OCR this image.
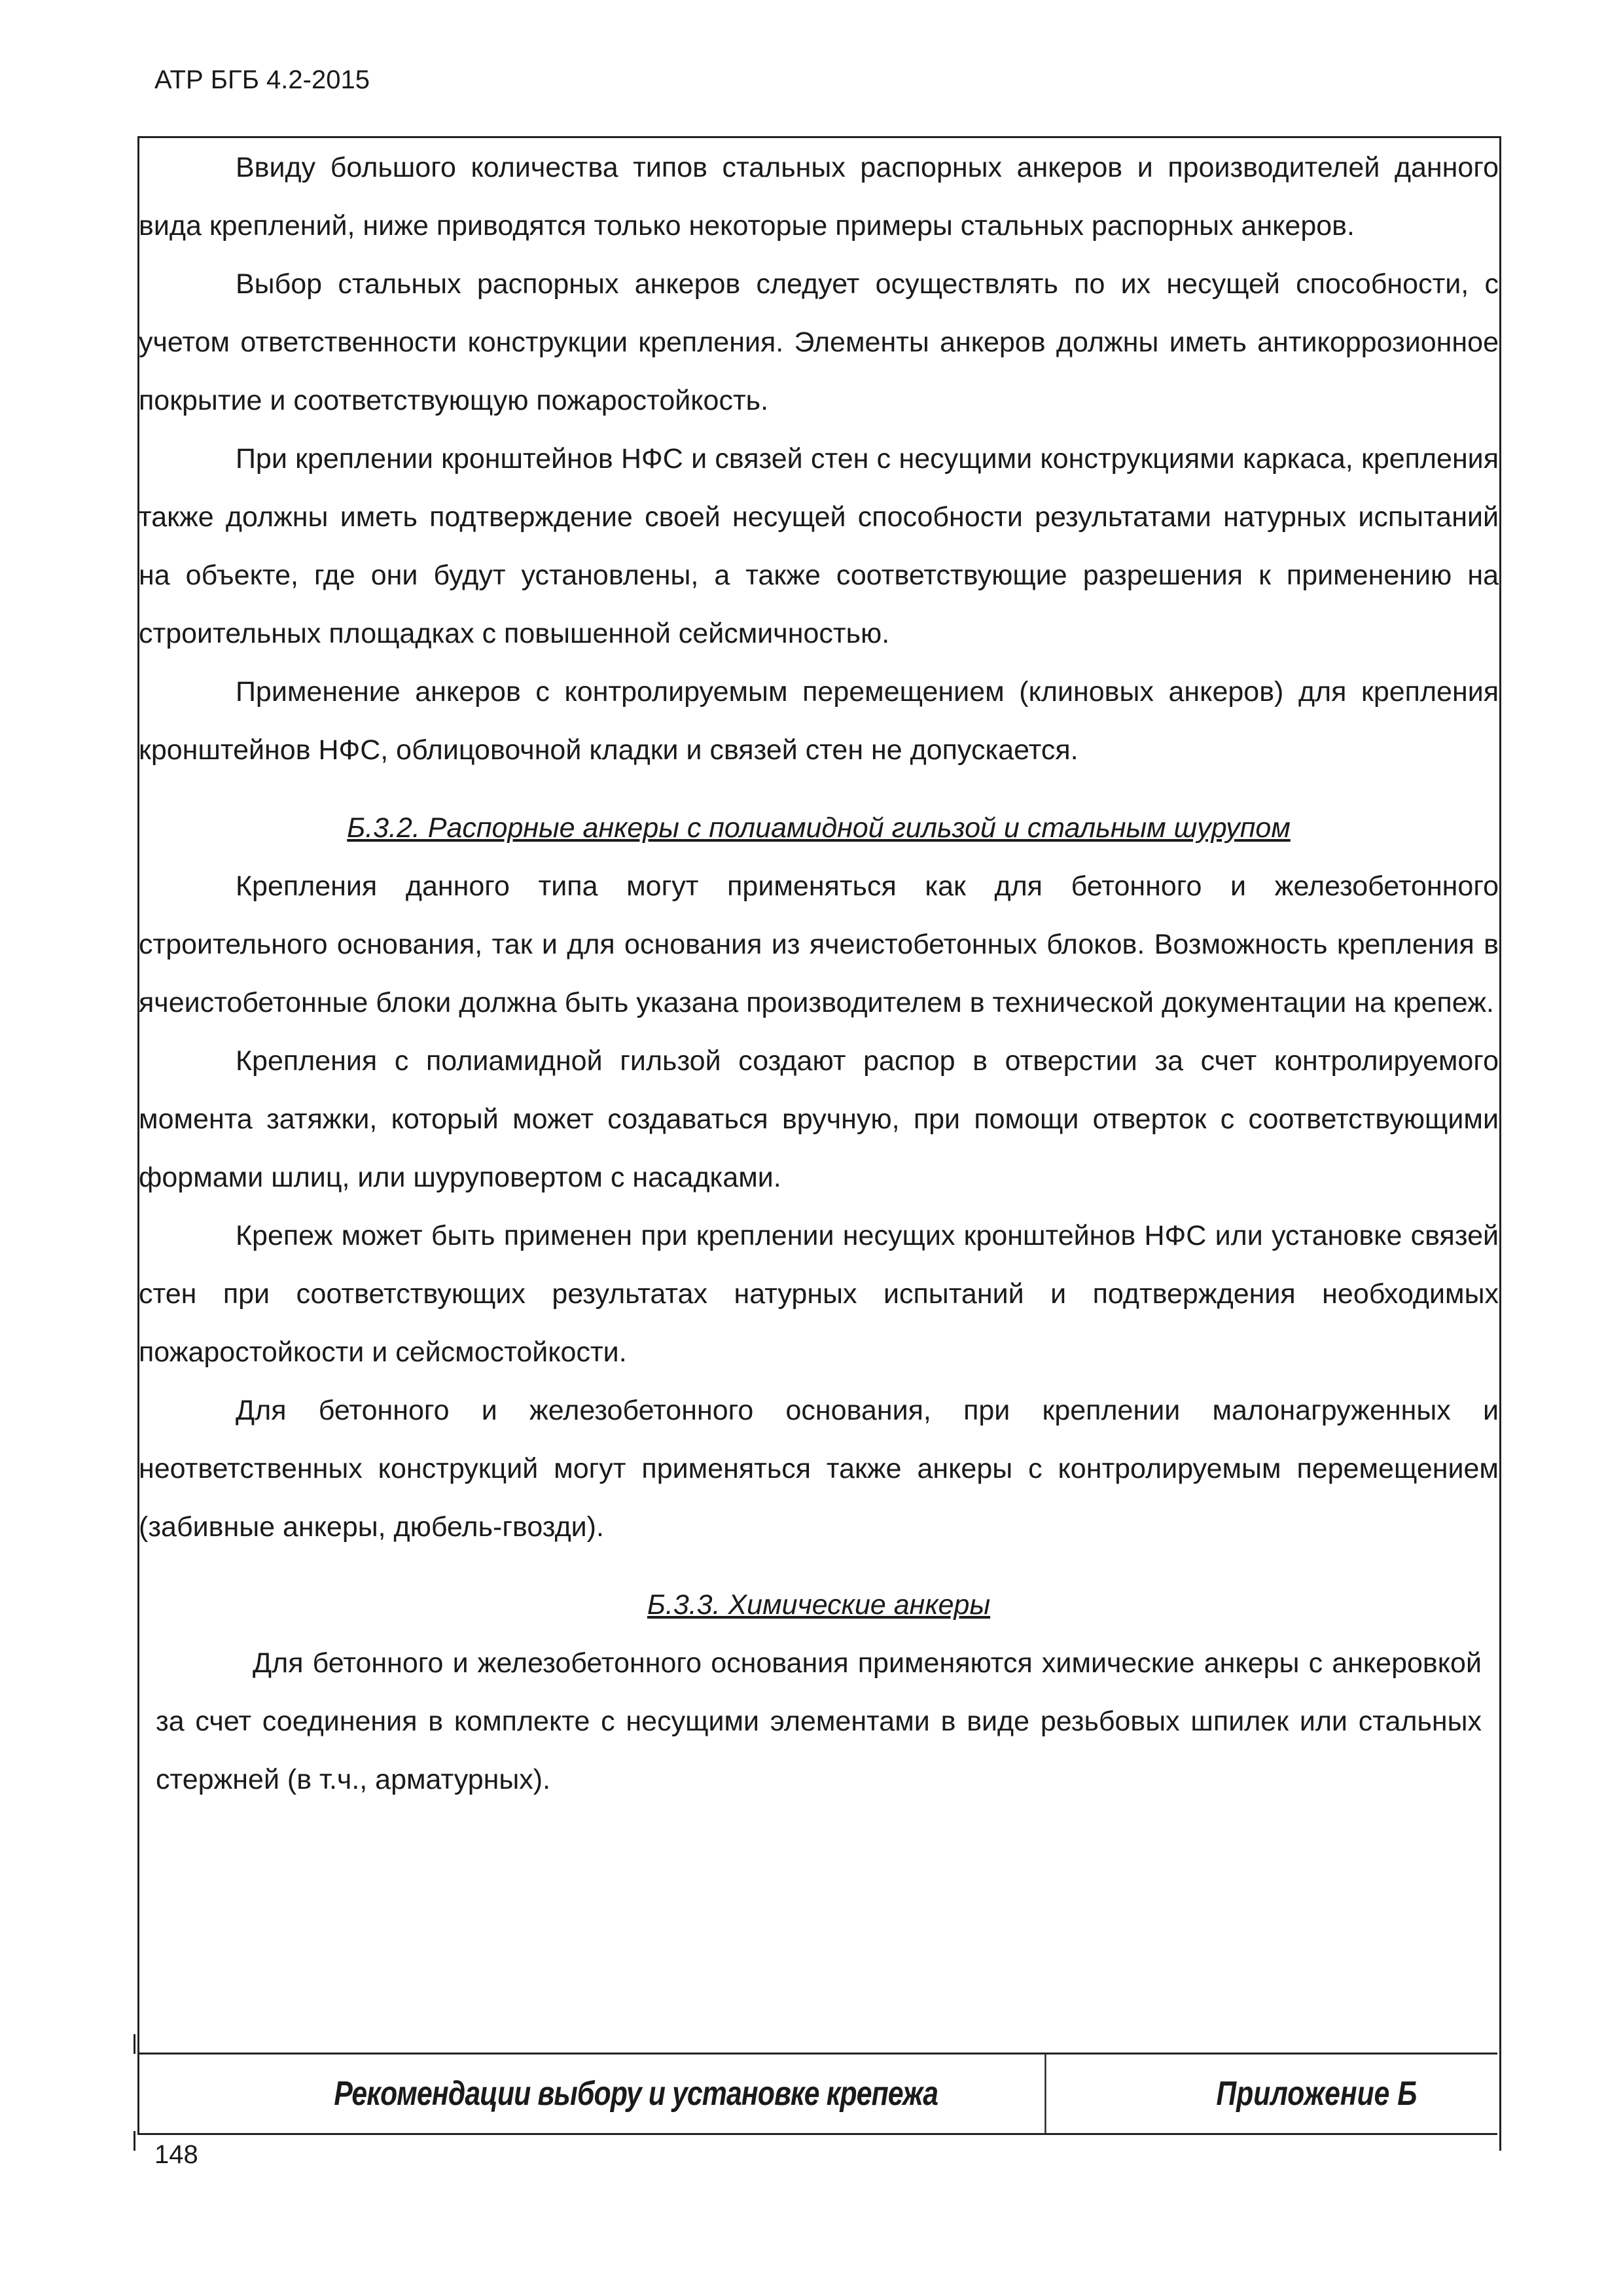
АТР БГБ 4.2-2015

Ввиду большого количества типов стальных распорных анкеров и производителей данного вида креплений, ниже приводятся только некоторые примеры стальных распорных анкеров.

Выбор стальных распорных анкеров следует осуществлять по их несущей способности, с учетом ответственности конструкции крепления. Элементы анкеров должны иметь антикоррозионное покрытие и соответствующую пожаростойкость.

При креплении кронштейнов НФС и связей стен с несущими конструкциями каркаса, крепления также должны иметь подтверждение своей несущей способности результатами натурных испытаний на объекте, где они будут установлены, а также соответствующие разрешения к применению на строительных площадках с повышенной сейсмичностью.

Применение анкеров с контролируемым перемещением (клиновых анкеров) для крепления кронштейнов НФС, облицовочной кладки и связей стен не допускается.

Б.3.2. Распорные анкеры с полиамидной гильзой и стальным шурупом

Крепления данного типа могут применяться как для бетонного и железобетонного строительного основания, так и для основания из ячеистобетонных блоков. Возможность крепления в ячеистобетонные блоки должна быть указана производителем в технической документации на крепеж.

Крепления с полиамидной гильзой создают распор в отверстии за счет контролируемого момента затяжки, который может создаваться вручную, при помощи отверток с соответствующими формами шлиц, или шуруповертом с насадками.

Крепеж может быть применен при креплении несущих кронштейнов НФС или установке связей стен при соответствующих результатах натурных испытаний и подтверждения необходимых пожаростойкости и сейсмостойкости.

Для бетонного и железобетонного основания, при креплении малонагруженных и неответственных конструкций могут применяться также анкеры с контролируемым перемещением (забивные анкеры, дюбель-гвозди).

Б.3.3. Химические анкеры

Для бетонного и железобетонного основания применяются химические анкеры с анкеровкой за счет соединения в комплекте с несущими элементами в виде резьбовых шпилек или стальных стержней (в т.ч., арматурных).

Рекомендации выбору и установке крепежа	Приложение Б
148
